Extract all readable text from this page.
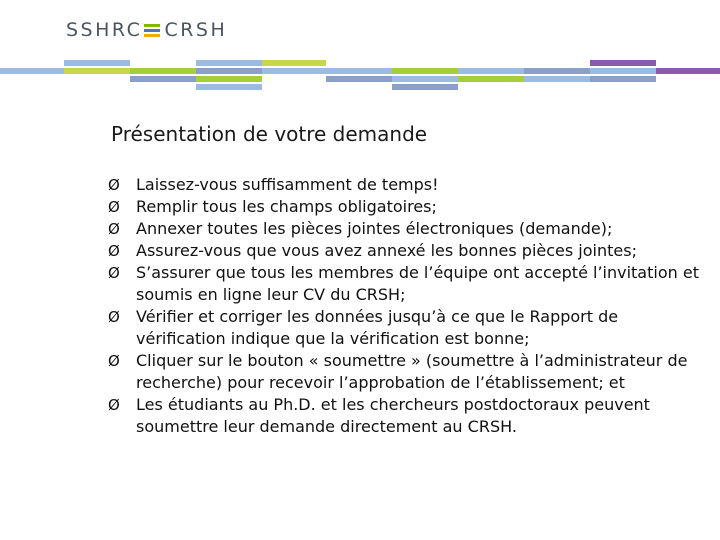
SSHRC CRSH
Présentation de votre demande
Ø	Laissez-vous suffisamment de temps!
Ø	Remplir tous les champs obligatoires;
Ø	Annexer toutes les pièces jointes électroniques (demande);
Ø	Assurez-vous que vous avez annexé les bonnes pièces jointes;
Ø	S’assurer que tous les membres de l’équipe ont accepté l’invitation et soumis en ligne leur CV du CRSH;
Ø	Vérifier et corriger les données jusqu’à ce que le Rapport de vérification indique que la vérification est bonne;
Ø	Cliquer sur le bouton « soumettre » (soumettre à l’administrateur de recherche) pour recevoir l’approbation de l’établissement; et
Ø	Les étudiants au Ph.D. et les chercheurs postdoctoraux peuvent soumettre leur demande directement au CRSH.
